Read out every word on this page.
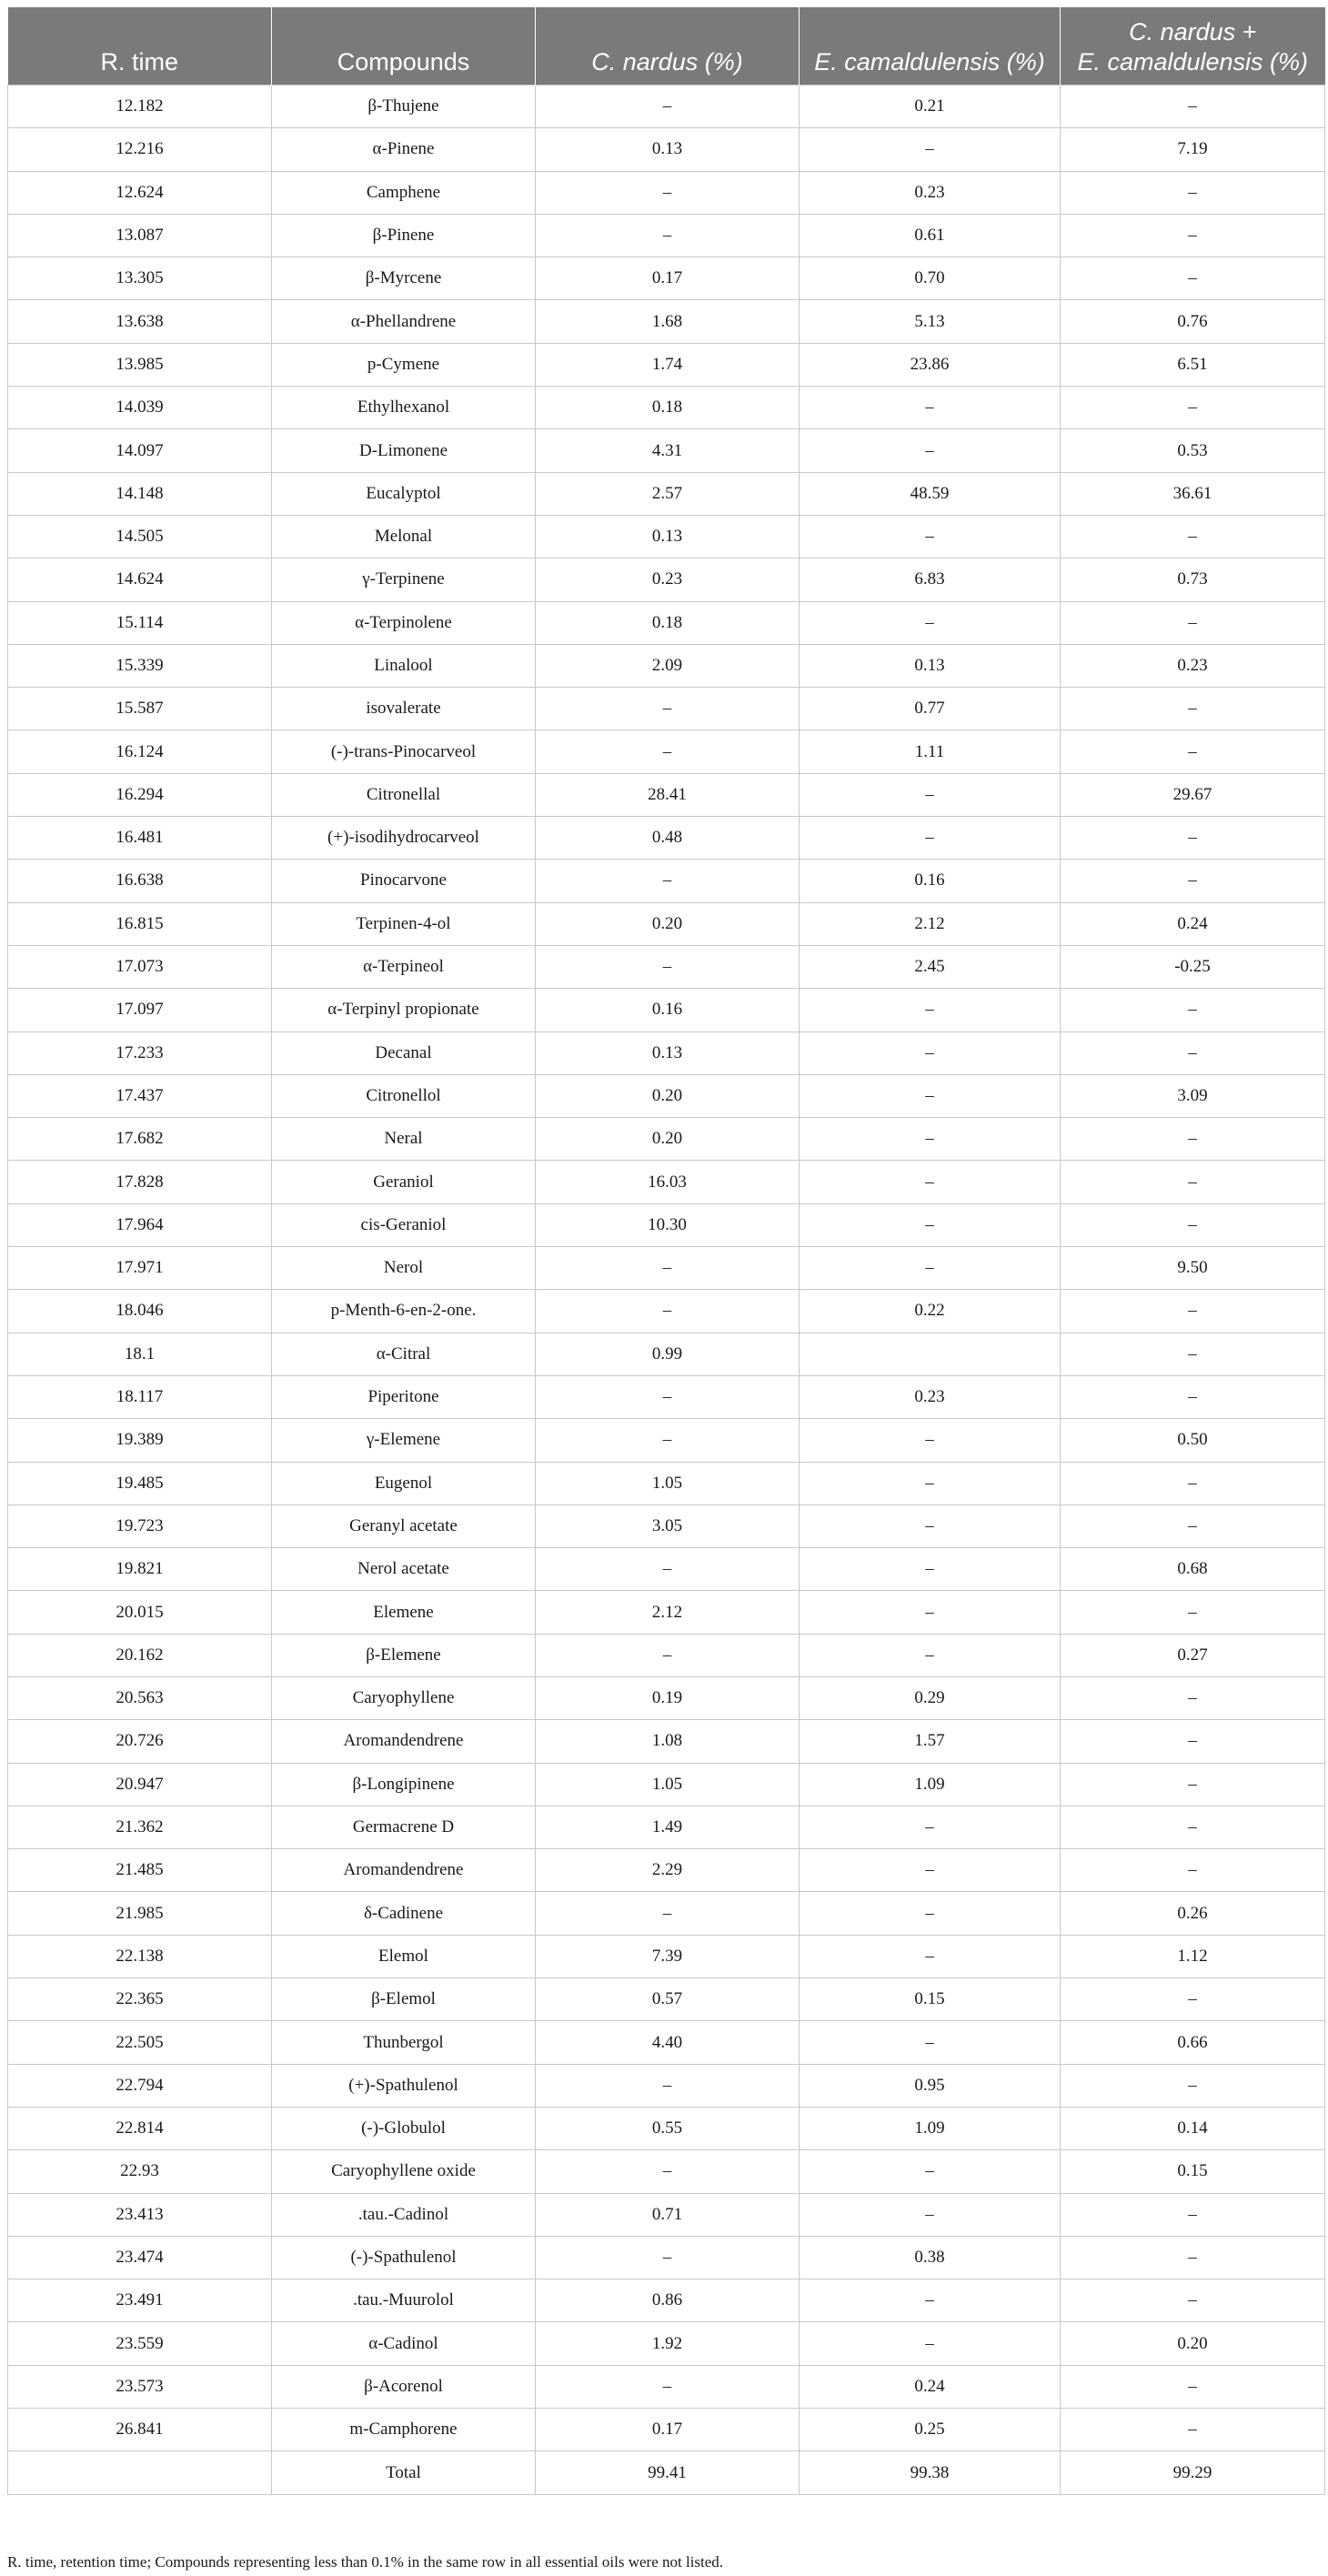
R. time	Compounds	C. nardus (%)	E. camaldulensis (%)	C. nardus +
E. camaldulensis (%)
12.182	β-Thujene	–	0.21	–
12.216	α-Pinene	0.13	–	7.19
12.624	Camphene	–	0.23	–
13.087	β-Pinene	–	0.61	–
13.305	β-Myrcene	0.17	0.70	–
13.638	α-Phellandrene	1.68	5.13	0.76
13.985	p-Cymene	1.74	23.86	6.51
14.039	Ethylhexanol	0.18	–	–
14.097	D-Limonene	4.31	–	0.53
14.148	Eucalyptol	2.57	48.59	36.61
14.505	Melonal	0.13	–	–
14.624	γ-Terpinene	0.23	6.83	0.73
15.114	α-Terpinolene	0.18	–	–
15.339	Linalool	2.09	0.13	0.23
15.587	isovalerate	–	0.77	–
16.124	(-)-trans-Pinocarveol	–	1.11	–
16.294	Citronellal	28.41	–	29.67
16.481	(+)-isodihydrocarveol	0.48	–	–
16.638	Pinocarvone	–	0.16	–
16.815	Terpinen-4-ol	0.20	2.12	0.24
17.073	α-Terpineol	–	2.45	-0.25
17.097	α-Terpinyl propionate	0.16	–	–
17.233	Decanal	0.13	–	–
17.437	Citronellol	0.20	–	3.09
17.682	Neral	0.20	–	–
17.828	Geraniol	16.03	–	–
17.964	cis-Geraniol	10.30	–	–
17.971	Nerol	–	–	9.50
18.046	p-Menth-6-en-2-one.	–	0.22	–
18.1	α-Citral	0.99		–
18.117	Piperitone	–	0.23	–
19.389	γ-Elemene	–	–	0.50
19.485	Eugenol	1.05	–	–
19.723	Geranyl acetate	3.05	–	–
19.821	Nerol acetate	–	–	0.68
20.015	Elemene	2.12	–	–
20.162	β-Elemene	–	–	0.27
20.563	Caryophyllene	0.19	0.29	–
20.726	Aromandendrene	1.08	1.57	–
20.947	β-Longipinene	1.05	1.09	–
21.362	Germacrene D	1.49	–	–
21.485	Aromandendrene	2.29	–	–
21.985	δ-Cadinene	–	–	0.26
22.138	Elemol	7.39	–	1.12
22.365	β-Elemol	0.57	0.15	–
22.505	Thunbergol	4.40	–	0.66
22.794	(+)-Spathulenol	–	0.95	–
22.814	(-)-Globulol	0.55	1.09	0.14
22.93	Caryophyllene oxide	–	–	0.15
23.413	.tau.-Cadinol	0.71	–	–
23.474	(-)-Spathulenol	–	0.38	–
23.491	.tau.-Muurolol	0.86	–	–
23.559	α-Cadinol	1.92	–	0.20
23.573	β-Acorenol	–	0.24	–
26.841	m-Camphorene	0.17	0.25	–
	Total	99.41	99.38	99.29
R. time, retention time; Compounds representing less than 0.1% in the same row in all essential oils were not listed.
